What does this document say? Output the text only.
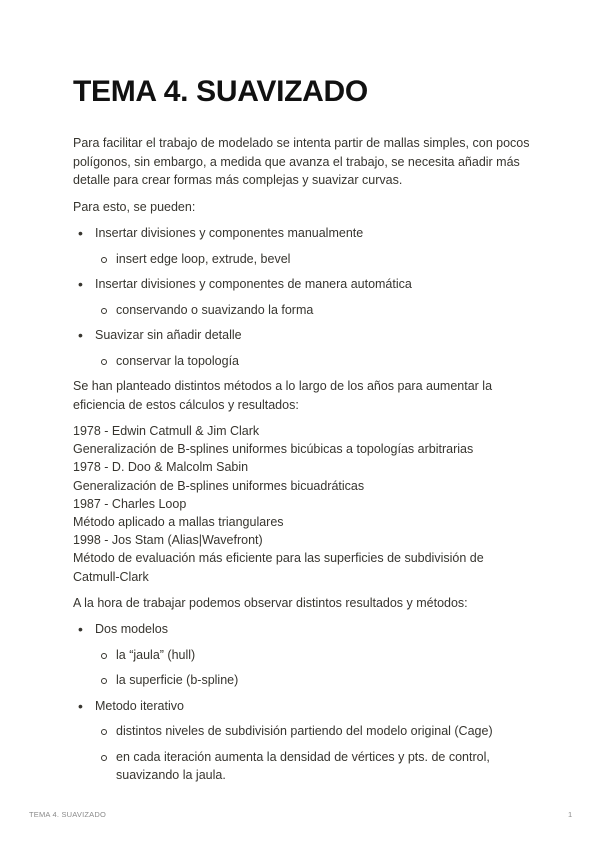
TEMA 4. SUAVIZADO

Para facilitar el trabajo de modelado se intenta partir de mallas simples, con pocos polígonos, sin embargo, a medida que avanza el trabajo, se necesita añadir más detalle para crear formas más complejas y suavizar curvas.

Para esto, se pueden:

• Insertar divisiones y componentes manualmente
insert edge loop, extrude, bevel
• Insertar divisiones y componentes de manera automática
conservando o suavizando la forma
• Suavizar sin añadir detalle
conservar la topología

Se han planteado distintos métodos a lo largo de los años para aumentar la eficiencia de estos cálculos y resultados:

1978 - Edwin Catmull & Jim Clark
Generalización de B-splines uniformes bicúbicas a topologías arbitrarias
1978 - D. Doo & Malcolm Sabin
Generalización de B-splines uniformes bicuadráticas
1987 - Charles Loop
Método aplicado a mallas triangulares
1998 - Jos Stam (Alias|Wavefront)
Método de evaluación más eficiente para las superficies de subdivisión de Catmull-Clark

A la hora de trabajar podemos observar distintos resultados y métodos:

• Dos modelos
la “jaula” (hull)
la superficie (b-spline)
• Metodo iterativo
distintos niveles de subdivisión partiendo del modelo original (Cage)
en cada iteración aumenta la densidad de vértices y pts. de control, suavizando la jaula.
TEMA 4. SUAVIZADO	1
